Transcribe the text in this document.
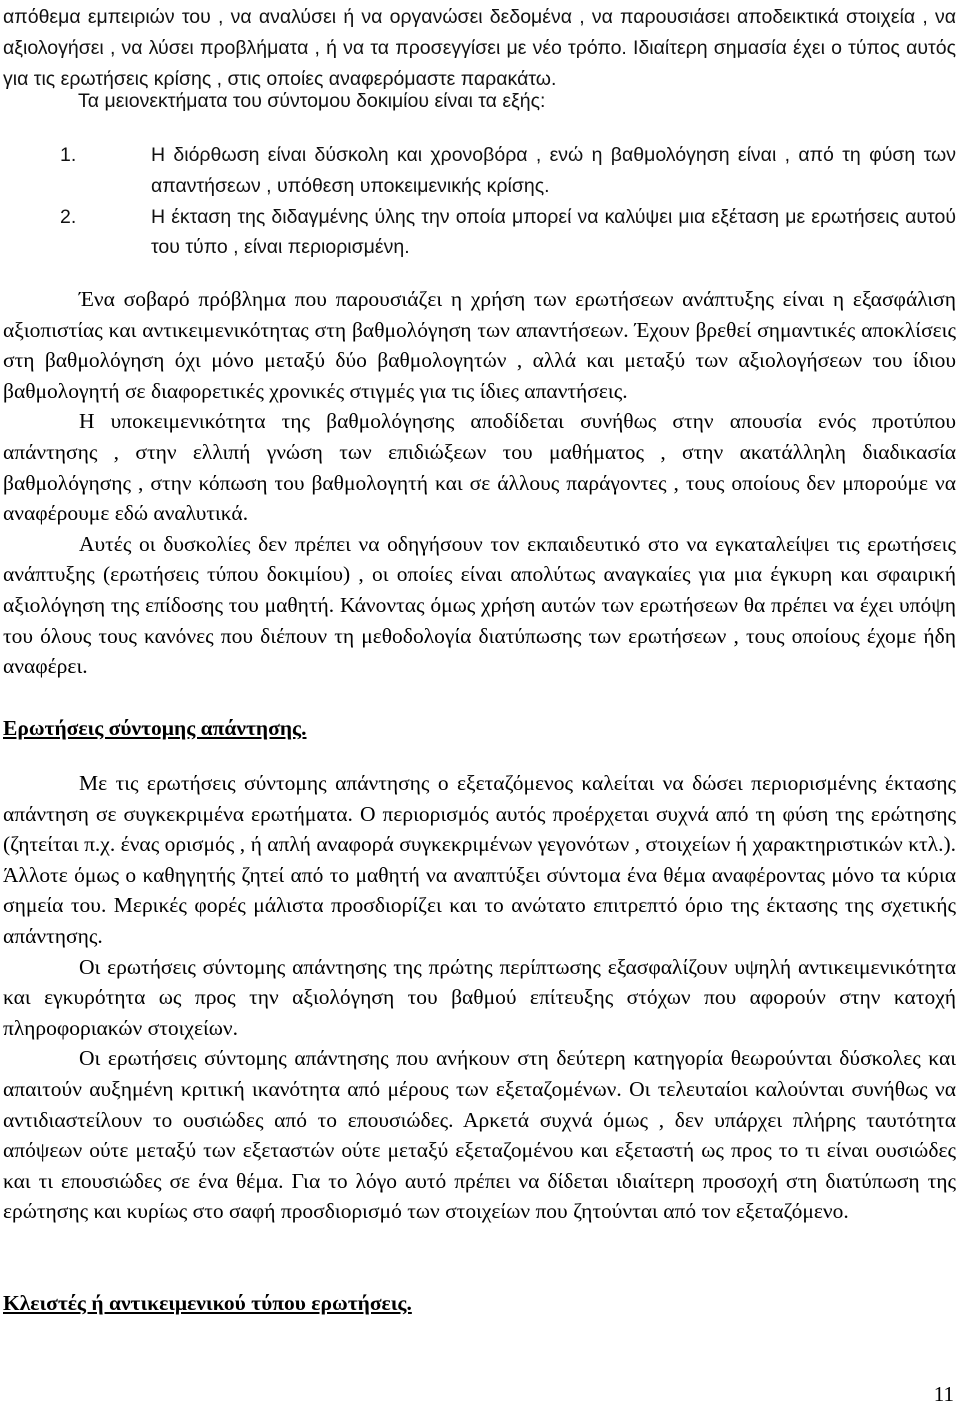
απόθεμα εμπειριών του , να αναλύσει ή να οργανώσει δεδομένα , να παρουσιάσει αποδεικτικά στοιχεία , να αξιολογήσει , να λύσει προβλήματα , ή να τα προσεγγίσει με νέο τρόπο. Ιδιαίτερη σημασία έχει ο τύπος αυτός για τις ερωτήσεις κρίσης , στις οποίες αναφερόμαστε παρακάτω.

Τα μειονεκτήματα του σύντομου δοκιμίου είναι τα εξής:

1.	Η διόρθωση είναι δύσκολη και χρονοβόρα , ενώ η βαθμολόγηση είναι , από τη φύση των απαντήσεων , υπόθεση υποκειμενικής κρίσης.
2.	Η έκταση της διδαγμένης ύλης την οποία μπορεί να καλύψει μια εξέταση με ερωτήσεις αυτού του τύπο , είναι περιορισμένη.

Ένα σοβαρό πρόβλημα που παρουσιάζει η χρήση των ερωτήσεων ανάπτυξης είναι η εξασφάλιση αξιοπιστίας και αντικειμενικότητας στη βαθμολόγηση των απαντήσεων. Έχουν βρεθεί σημαντικές αποκλίσεις στη βαθμολόγηση όχι μόνο μεταξύ δύο βαθμολογητών , αλλά και μεταξύ των αξιολογήσεων του ίδιου βαθμολογητή σε διαφορετικές χρονικές στιγμές για τις ίδιες απαντήσεις.

Η υποκειμενικότητα της βαθμολόγησης αποδίδεται συνήθως στην απουσία ενός προτύπου απάντησης , στην ελλιπή γνώση των επιδιώξεων του μαθήματος , στην ακατάλληλη διαδικασία βαθμολόγησης , στην κόπωση του βαθμολογητή και σε άλλους παράγοντες , τους οποίους δεν μπορούμε να αναφέρουμε εδώ αναλυτικά.

Αυτές οι δυσκολίες δεν πρέπει να οδηγήσουν τον εκπαιδευτικό στο να εγκαταλείψει τις ερωτήσεις ανάπτυξης (ερωτήσεις τύπου δοκιμίου) , οι οποίες είναι απολύτως αναγκαίες για μια έγκυρη και σφαιρική αξιολόγηση της επίδοσης του μαθητή. Κάνοντας όμως χρήση αυτών των ερωτήσεων θα πρέπει να έχει υπόψη του όλους τους κανόνες που διέπουν τη μεθοδολογία διατύπωσης των ερωτήσεων , τους οποίους έχομε ήδη αναφέρει.

Ερωτήσεις σύντομης απάντησης.

Με τις ερωτήσεις σύντομης απάντησης ο εξεταζόμενος καλείται να δώσει περιορισμένης έκτασης απάντηση σε συγκεκριμένα ερωτήματα. Ο περιορισμός αυτός προέρχεται συχνά από τη φύση της ερώτησης (ζητείται π.χ. ένας ορισμός , ή απλή αναφορά συγκεκριμένων γεγονότων , στοιχείων ή χαρακτηριστικών κτλ.). Άλλοτε όμως ο καθηγητής ζητεί από το μαθητή να αναπτύξει σύντομα ένα θέμα αναφέροντας μόνο τα κύρια σημεία του. Μερικές φορές μάλιστα προσδιορίζει και το ανώτατο επιτρεπτό όριο της έκτασης της σχετικής απάντησης.

Οι ερωτήσεις σύντομης απάντησης της πρώτης περίπτωσης εξασφαλίζουν υψηλή αντικειμενικότητα και εγκυρότητα ως προς την αξιολόγηση του βαθμού επίτευξης στόχων που αφορούν στην κατοχή πληροφοριακών στοιχείων.

Οι ερωτήσεις σύντομης απάντησης που ανήκουν στη δεύτερη κατηγορία θεωρούνται δύσκολες και απαιτούν αυξημένη κριτική ικανότητα από μέρους των εξεταζομένων. Οι τελευταίοι καλούνται συνήθως να αντιδιαστείλουν το ουσιώδες από το επουσιώδες. Αρκετά συχνά όμως , δεν υπάρχει πλήρης ταυτότητα απόψεων ούτε μεταξύ των εξεταστών ούτε μεταξύ εξεταζομένου και εξεταστή ως προς το τι είναι ουσιώδες και τι επουσιώδες σε ένα θέμα. Για το λόγο αυτό πρέπει να δίδεται ιδιαίτερη προσοχή στη διατύπωση της ερώτησης και κυρίως στο σαφή προσδιορισμό των στοιχείων που ζητούνται από τον εξεταζόμενο.

Κλειστές ή αντικειμενικού τύπου ερωτήσεις.
11
